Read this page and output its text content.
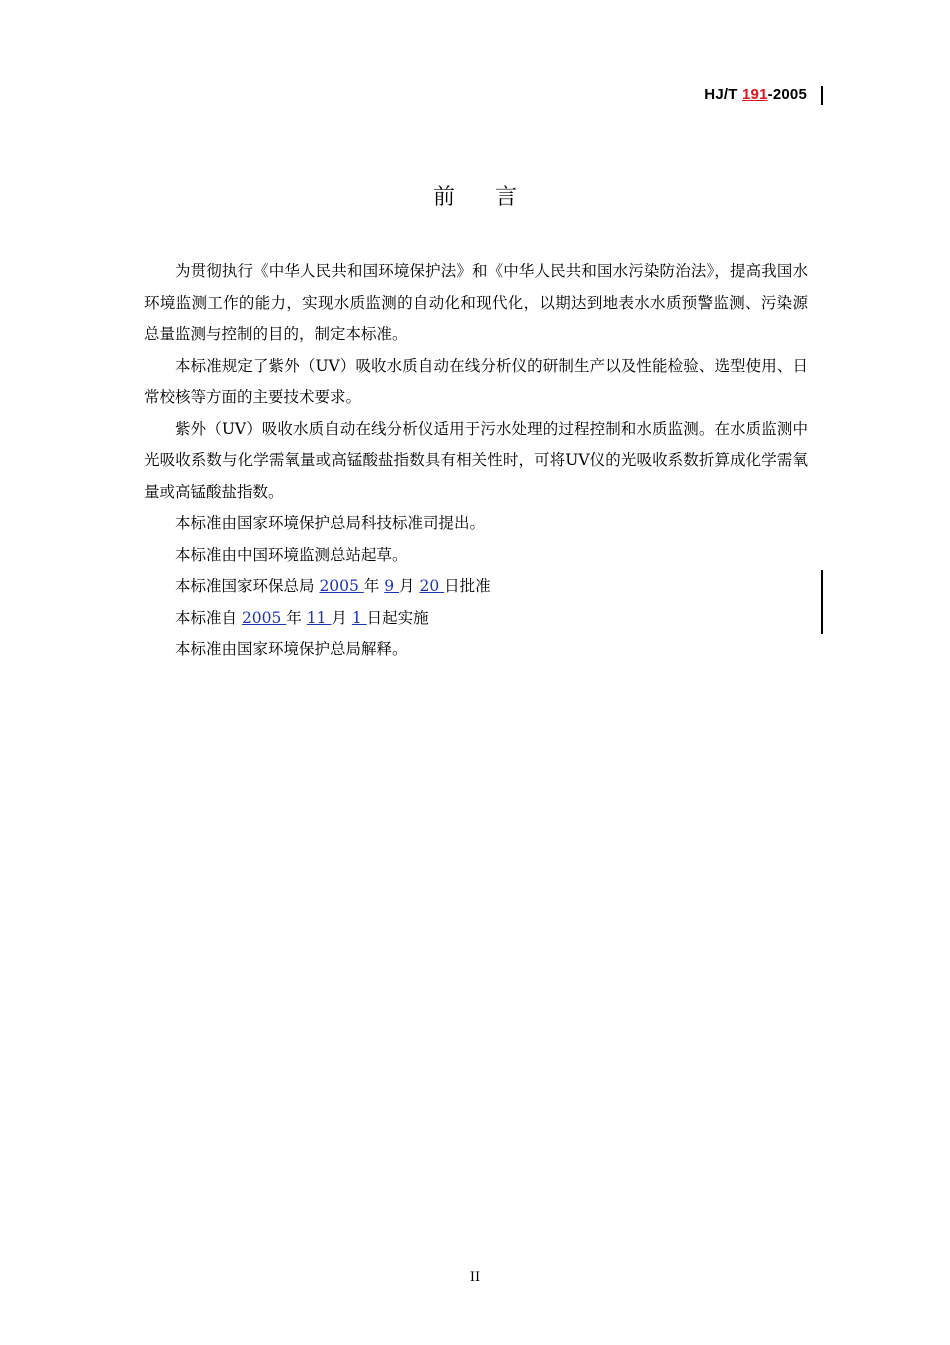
HJ/T 191-2005
前言

为贯彻执行《中华人民共和国环境保护法》和《中华人民共和国水污染防治法》，提高我国水环境监测工作的能力，实现水质监测的自动化和现代化，以期达到地表水水质预警监测、污染源总量监测与控制的目的，制定本标准。

本标准规定了紫外（UV）吸收水质自动在线分析仪的研制生产以及性能检验、选型使用、日常校核等方面的主要技术要求。

紫外（UV）吸收水质自动在线分析仪适用于污水处理的过程控制和水质监测。在水质监测中光吸收系数与化学需氧量或高锰酸盐指数具有相关性时，可将UV仪的光吸收系数折算成化学需氧量或高锰酸盐指数。

本标准由国家环境保护总局科技标准司提出。

本标准由中国环境监测总站起草。

本标准国家环保总局 2005 年 9 月 20 日批准

本标准自 2005 年 11 月 1 日起实施

本标准由国家环境保护总局解释。

II
